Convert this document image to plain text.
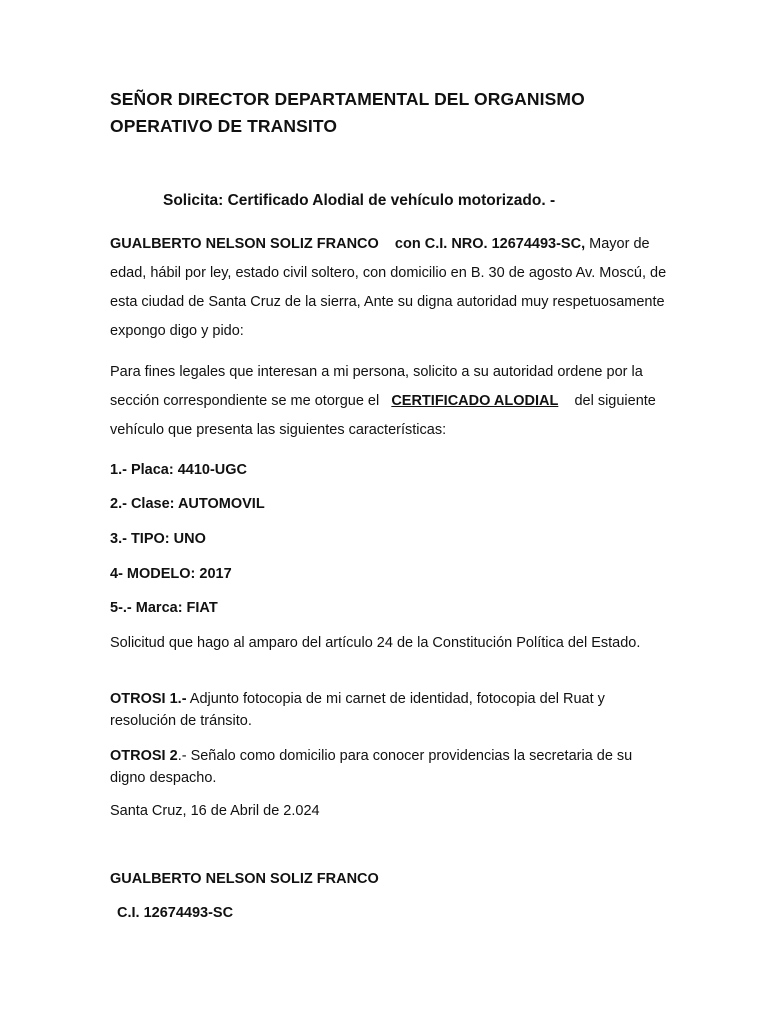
SEÑOR DIRECTOR DEPARTAMENTAL DEL ORGANISMO
OPERATIVO DE TRANSITO
Solicita: Certificado Alodial de vehículo motorizado. -
GUALBERTO NELSON SOLIZ FRANCO con C.I. NRO. 12674493-SC, Mayor de edad, hábil por ley, estado civil soltero, con domicilio en B. 30 de agosto Av. Moscú, de esta ciudad de Santa Cruz de la sierra, Ante su digna autoridad muy respetuosamente expongo digo y pido:
Para fines legales que interesan a mi persona, solicito a su autoridad ordene por la sección correspondiente se me otorgue el CERTIFICADO ALODIAL del siguiente vehículo que presenta las siguientes características:
1.- Placa: 4410-UGC
2.- Clase: AUTOMOVIL
3.- TIPO: UNO
4- MODELO: 2017
5-.- Marca: FIAT
Solicitud que hago al amparo del artículo 24 de la Constitución Política del Estado.
OTROSI 1.- Adjunto fotocopia de mi carnet de identidad, fotocopia del Ruat y resolución de tránsito.
OTROSI 2.- Señalo como domicilio para conocer providencias la secretaria de su digno despacho.
Santa Cruz, 16 de Abril de 2.024
GUALBERTO NELSON SOLIZ FRANCO
C.I. 12674493-SC
